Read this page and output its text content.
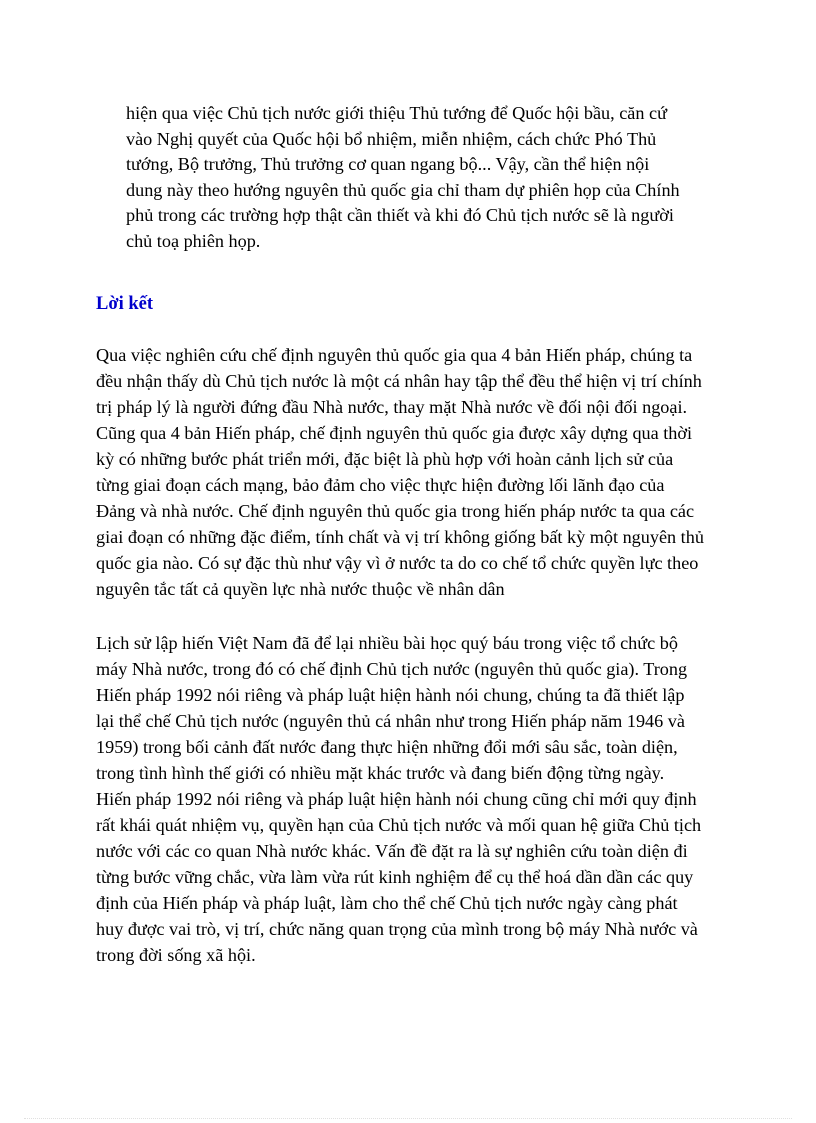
hiện qua việc Chủ tịch nước giới thiệu Thủ tướng để Quốc hội bầu, căn cứ
vào Nghị quyết của Quốc hội bổ nhiệm, miễn nhiệm, cách chức Phó Thủ
tướng, Bộ trưởng, Thủ trưởng cơ quan ngang bộ... Vậy, cần thể hiện nội
dung này theo hướng nguyên thủ quốc gia chỉ tham dự phiên họp của Chính
phủ trong các trường hợp thật cần thiết và khi đó Chủ tịch nước sẽ là người
chủ toạ phiên họp.
Lời kết
Qua việc nghiên cứu chế định nguyên thủ quốc gia qua 4 bản Hiến pháp, chúng ta
đều nhận thấy dù Chủ tịch nước là một cá nhân hay tập thể đều thể hiện vị trí chính
trị pháp lý là người đứng đầu Nhà nước, thay mặt Nhà nước về đối nội đối ngoại.
Cũng qua 4 bản Hiến pháp, chế định nguyên thủ quốc gia được xây dựng qua thời
kỳ có những bước phát triển mới, đặc biệt là phù hợp với hoàn cảnh lịch sử của
từng giai đoạn cách mạng, bảo đảm cho việc thực hiện đường lối lãnh đạo của
Đảng và nhà nước. Chế định nguyên thủ quốc gia trong hiến pháp nước ta qua các
giai đoạn có những đặc điểm, tính chất và vị trí không giống bất kỳ một nguyên thủ
quốc gia nào. Có sự đặc thù như vậy vì ở nước ta do co chế tổ chức quyền lực theo
nguyên tắc tất cả quyền lực nhà nước thuộc về nhân dân
Lịch sử lập hiến Việt Nam đã để lại nhiều bài học quý báu trong việc tổ chức bộ
máy Nhà nước, trong đó có chế định Chủ tịch nước (nguyên thủ quốc gia). Trong
Hiến pháp 1992 nói riêng và pháp luật hiện hành nói chung, chúng ta đã thiết lập
lại thể chế Chủ tịch nước (nguyên thủ cá nhân như trong Hiến pháp năm 1946 và
1959) trong bối cảnh đất nước đang thực hiện những đổi mới sâu sắc, toàn diện,
trong tình hình thế giới có nhiều mặt khác trước và đang biến động từng ngày.
Hiến pháp 1992 nói riêng và pháp luật hiện hành nói chung cũng chỉ mới quy định
rất khái quát nhiệm vụ, quyền hạn của Chủ tịch nước và mối quan hệ giữa Chủ tịch
nước với các co quan Nhà nước khác. Vấn đề đặt ra là sự nghiên cứu toàn diện đi
từng bước vững chắc, vừa làm vừa rút kinh nghiệm để cụ thể hoá dần dần các quy
định của Hiến pháp và pháp luật, làm cho thể chế Chủ tịch nước ngày càng phát
huy được vai trò, vị trí, chức năng quan trọng của mình trong bộ máy Nhà nước và
trong đời sống xã hội.
